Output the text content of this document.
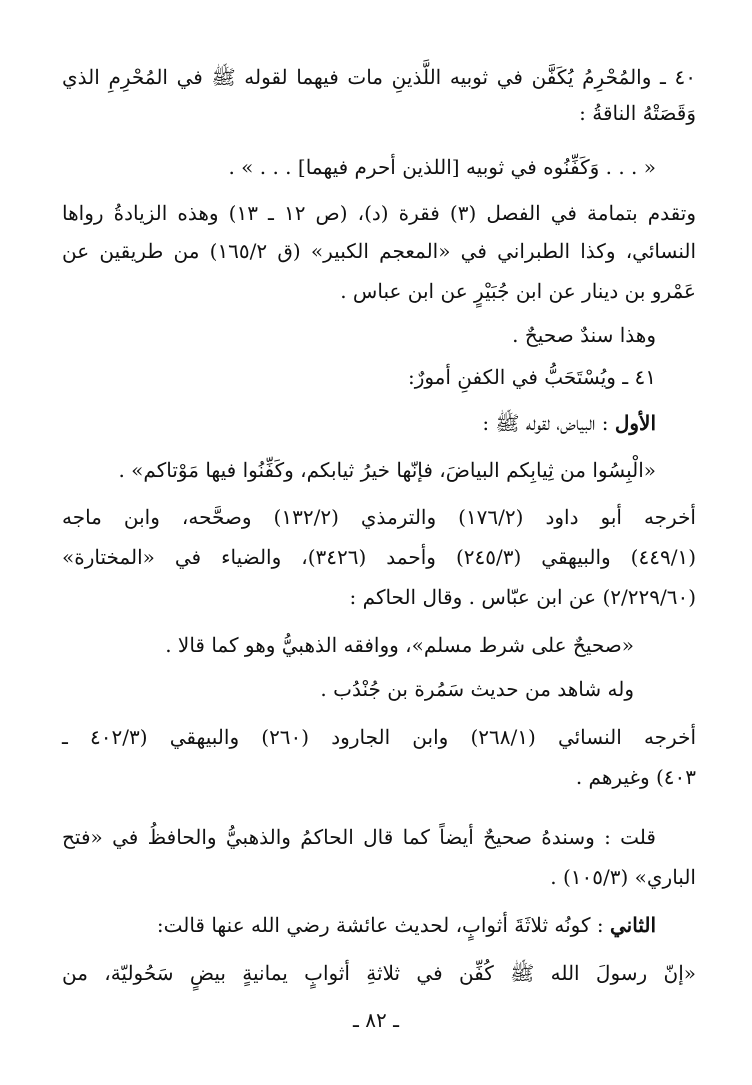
٤٠ ـ والمُحْرِمُ يُكَفَّن في ثوبيه اللَّذينِ مات فيهما لقوله ﷺ في المُحْرِمِ الذي

وَقَصَتْهُ الناقةُ :

« . . . وَكَفِّنُوه في ثوبيه [اللذين أحرم فيهما] . . . » .

وتقدم بتمامة في الفصل (٣) فقرة (د)، (ص ١٢ ـ ١٣) وهذه الزيادةُ رواها

النسائي، وكذا الطبراني في «المعجم الكبير» (ق ١٦٥/٢) من طريقين عن

عَمْرو بن دينار عن ابن جُبَيْرٍ عن ابن عباس .

وهذا سندٌ صحيحٌ .

٤١ ـ ويُسْتَحَبُّ في الكفنِ أمورٌ:

الأول : البياض، لقوله ﷺ :

«الْبِسُوا من ثِيابِكم البياضَ، فإنّها خيرُ ثيابكم، وكَفِّنُوا فيها مَوْتاكم» .

أخرجه أبو داود (١٧٦/٢) والترمذي (١٣٢/٢) وصحَّحه، وابن ماجه

(٤٤٩/١) والبيهقي (٢٤٥/٣) وأحمد (٣٤٢٦)، والضياء في «المختارة»

(٢/٢٢٩/٦٠) عن ابن عبّاس . وقال الحاكم :

«صحيحٌ على شرط مسلم»، ووافقه الذهبيُّ وهو كما قالا .

وله شاهد من حديث سَمُرة بن جُنْدُب .

أخرجه النسائي (٢٦٨/١) وابن الجارود (٢٦٠) والبيهقي (٤٠٢/٣ ـ

٤٠٣) وغيرهم .

قلت : وسندهُ صحيحٌ أيضاً كما قال الحاكمُ والذهبيُّ والحافظُ في «فتح

الباري» (١٠٥/٣) .

الثاني : كونُه ثلاثَةَ أثوابٍ، لحديث عائشة رضي الله عنها قالت:

«إنّ رسولَ الله ﷺ كُفِّن في ثلاثةِ أثوابٍ يمانيةٍ بيضٍ سَحُوليّة، من

ـ ٨٢ ـ
